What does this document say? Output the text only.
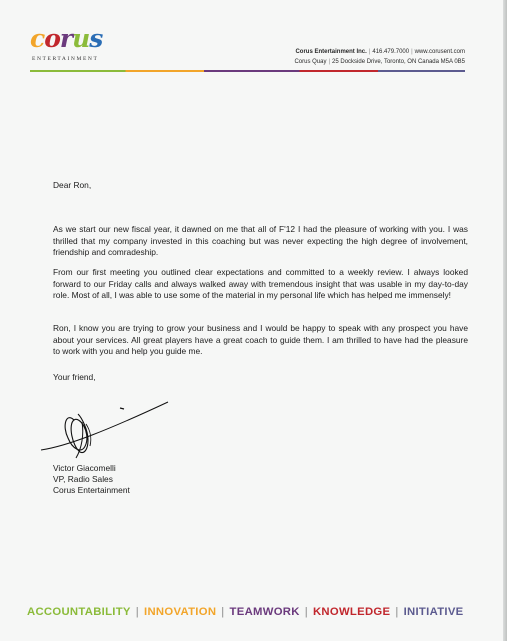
corus
ENTERTAINMENT
Corus Entertainment Inc. | 416.479.7000 | www.corusent.com
Corus Quay | 25 Dockside Drive, Toronto, ON Canada M5A 0B5
Dear Ron,

As we start our new fiscal year, it dawned on me that all of F'12 I had the pleasure of working with you. I was thrilled that my company invested in this coaching but was never expecting the high degree of involvement, friendship and comradeship.

From our first meeting you outlined clear expectations and committed to a weekly review. I always looked forward to our Friday calls and always walked away with tremendous insight that was usable in my day-to-day role. Most of all, I was able to use some of the material in my personal life which has helped me immensely!

Ron, I know you are trying to grow your business and I would be happy to speak with any prospect you have about your services. All great players have a great coach to guide them. I am thrilled to have had the pleasure to work with you and help you guide me.

Your friend,
Victor Giacomelli
VP, Radio Sales
Corus Entertainment
ACCOUNTABILITY | INNOVATION | TEAMWORK | KNOWLEDGE | INITIATIVE
